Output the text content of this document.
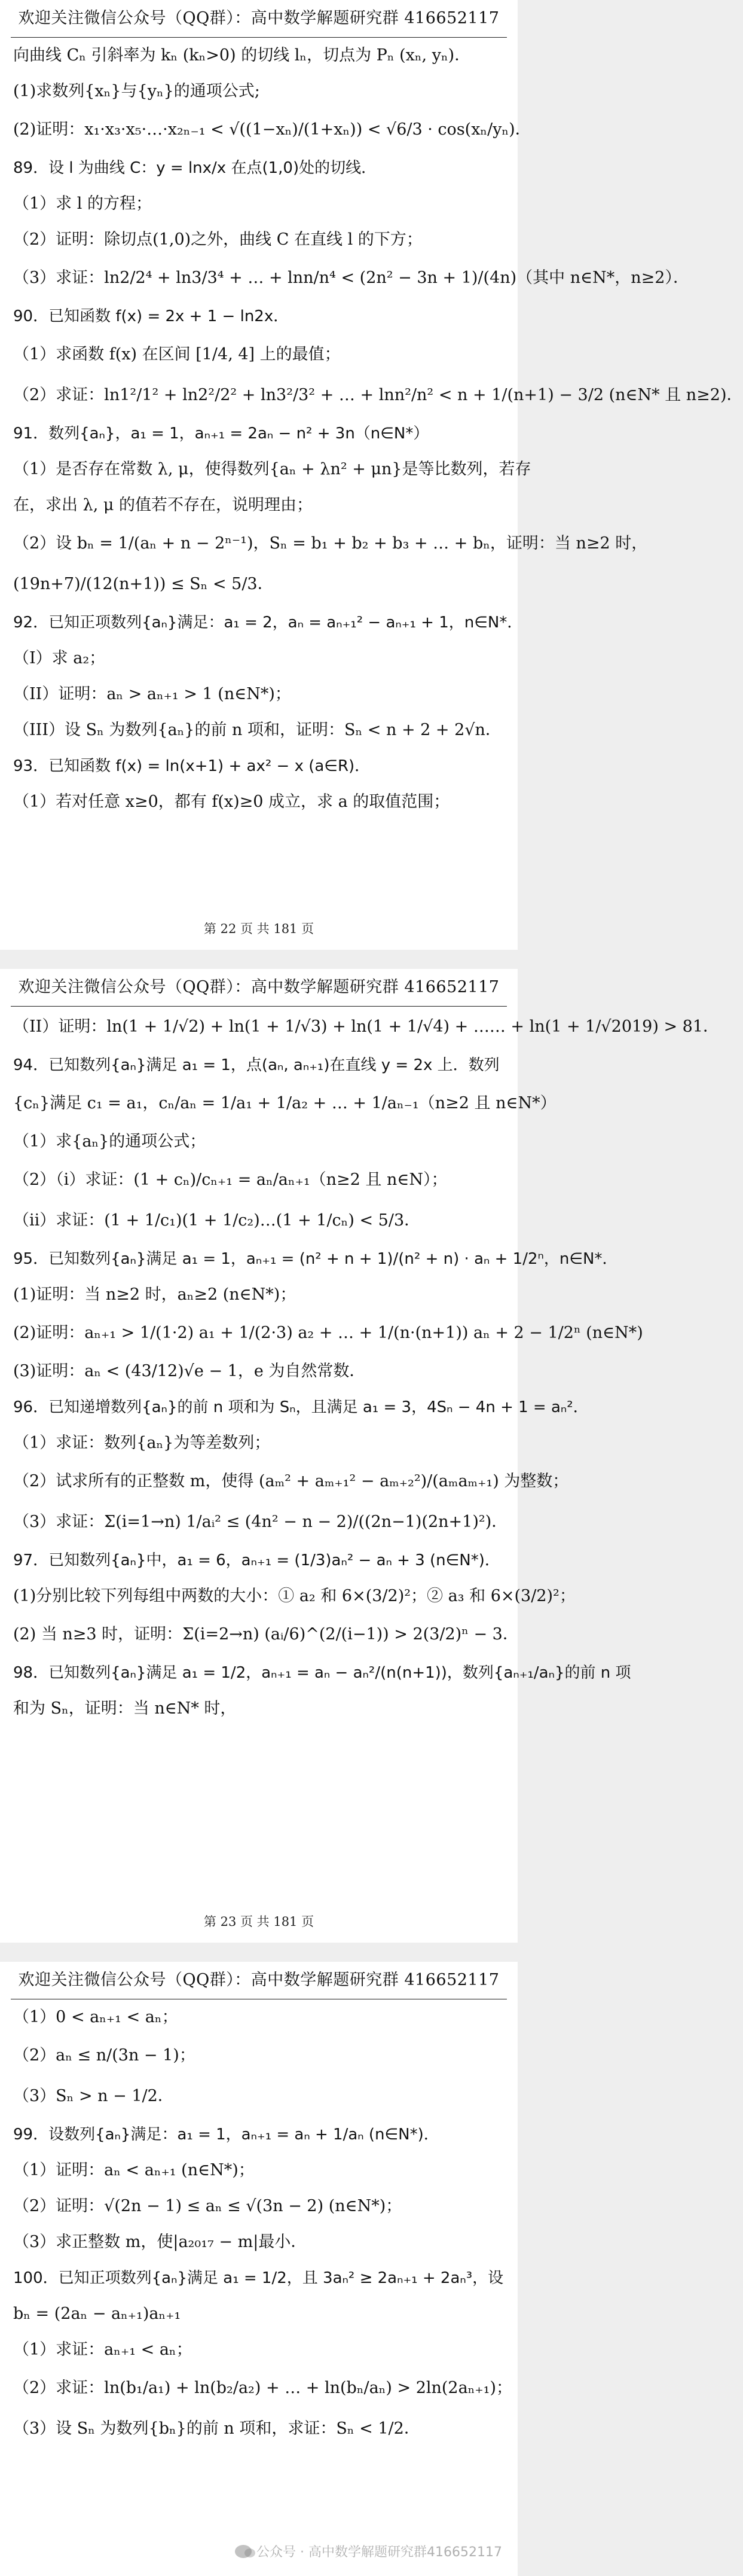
欢迎关注微信公众号（QQ群）：高中数学解题研究群 416652117
向曲线 Cₙ 引斜率为 kₙ (kₙ>0) 的切线 lₙ，切点为 Pₙ (xₙ, yₙ)．
(1)求数列{xₙ}与{yₙ}的通项公式;
(2)证明：x₁·x₃·x₅·…·x₂ₙ₋₁ < √((1−xₙ)/(1+xₙ)) < √6/3 · cos(xₙ/yₙ)．
89．设 l 为曲线 C：y = lnx/x 在点(1,0)处的切线．
（1）求 l 的方程；
（2）证明：除切点(1,0)之外，曲线 C 在直线 l 的下方；
（3）求证：ln2/2⁴ + ln3/3⁴ + … + lnn/n⁴ < (2n² − 3n + 1)/(4n)（其中 n∈N*，n≥2）．
90．已知函数 f(x) = 2x + 1 − ln2x．
（1）求函数 f(x) 在区间 [1/4, 4] 上的最值；
（2）求证：ln1²/1² + ln2²/2² + ln3²/3² + … + lnn²/n² < n + 1/(n+1) − 3/2 (n∈N* 且 n≥2)．
91．数列{aₙ}，a₁ = 1，aₙ₊₁ = 2aₙ − n² + 3n（n∈N*）
（1）是否存在常数 λ, μ，使得数列{aₙ + λn² + μn}是等比数列，若存
在，求出 λ, μ 的值若不存在，说明理由；
（2）设 bₙ = 1/(aₙ + n − 2ⁿ⁻¹)，Sₙ = b₁ + b₂ + b₃ + … + bₙ，证明：当 n≥2 时，
(19n+7)/(12(n+1)) ≤ Sₙ < 5/3．
92．已知正项数列{aₙ}满足：a₁ = 2，aₙ = aₙ₊₁² − aₙ₊₁ + 1，n∈N*．
（I）求 a₂；
（II）证明：aₙ > aₙ₊₁ > 1 (n∈N*)；
（III）设 Sₙ 为数列{aₙ}的前 n 项和，证明：Sₙ < n + 2 + 2√n．
93．已知函数 f(x) = ln(x+1) + ax² − x (a∈R)．
（1）若对任意 x≥0，都有 f(x)≥0 成立，求 a 的取值范围；
第 22 页 共 181 页
欢迎关注微信公众号（QQ群）：高中数学解题研究群 416652117
（II）证明：ln(1 + 1/√2) + ln(1 + 1/√3) + ln(1 + 1/√4) + …… + ln(1 + 1/√2019) > 81．
94．已知数列{aₙ}满足 a₁ = 1，点(aₙ, aₙ₊₁)在直线 y = 2x 上．数列
{cₙ}满足 c₁ = a₁，cₙ/aₙ = 1/a₁ + 1/a₂ + … + 1/aₙ₋₁（n≥2 且 n∈N*）
（1）求{aₙ}的通项公式；
（2）（i）求证：(1 + cₙ)/cₙ₊₁ = aₙ/aₙ₊₁（n≥2 且 n∈N）；
（ii）求证：(1 + 1/c₁)(1 + 1/c₂)…(1 + 1/cₙ) < 5/3．
95．已知数列{aₙ}满足 a₁ = 1，aₙ₊₁ = (n² + n + 1)/(n² + n) · aₙ + 1/2ⁿ，n∈N*．
(1)证明：当 n≥2 时，aₙ≥2 (n∈N*)；
(2)证明：aₙ₊₁ > 1/(1·2) a₁ + 1/(2·3) a₂ + … + 1/(n·(n+1)) aₙ + 2 − 1/2ⁿ (n∈N*)
(3)证明：aₙ < (43/12)√e − 1，e 为自然常数．
96．已知递增数列{aₙ}的前 n 项和为 Sₙ，且满足 a₁ = 3，4Sₙ − 4n + 1 = aₙ²．
（1）求证：数列{aₙ}为等差数列；
（2）试求所有的正整数 m，使得 (aₘ² + aₘ₊₁² − aₘ₊₂²)/(aₘaₘ₊₁) 为整数；
（3）求证：Σ(i=1→n) 1/aᵢ² ≤ (4n² − n − 2)/((2n−1)(2n+1)²)．
97．已知数列{aₙ}中，a₁ = 6，aₙ₊₁ = (1/3)aₙ² − aₙ + 3 (n∈N*)．
(1)分别比较下列每组中两数的大小：① a₂ 和 6×(3/2)²；② a₃ 和 6×(3/2)²；
(2) 当 n≥3 时，证明：Σ(i=2→n) (aᵢ/6)^(2/(i−1)) > 2(3/2)ⁿ − 3．
98．已知数列{aₙ}满足 a₁ = 1/2，aₙ₊₁ = aₙ − aₙ²/(n(n+1))，数列{aₙ₊₁/aₙ}的前 n 项
和为 Sₙ，证明：当 n∈N* 时，
第 23 页 共 181 页
欢迎关注微信公众号（QQ群）：高中数学解题研究群 416652117
（1）0 < aₙ₊₁ < aₙ；
（2）aₙ ≤ n/(3n − 1)；
（3）Sₙ > n − 1/2．
99．设数列{aₙ}满足：a₁ = 1，aₙ₊₁ = aₙ + 1/aₙ (n∈N*)．
（1）证明：aₙ < aₙ₊₁ (n∈N*)；
（2）证明：√(2n − 1) ≤ aₙ ≤ √(3n − 2) (n∈N*)；
（3）求正整数 m，使|a₂₀₁₇ − m|最小．
100．已知正项数列{aₙ}满足 a₁ = 1/2，且 3aₙ² ≥ 2aₙ₊₁ + 2aₙ³，设
bₙ = (2aₙ − aₙ₊₁)aₙ₊₁
（1）求证：aₙ₊₁ < aₙ；
（2）求证：ln(b₁/a₁) + ln(b₂/a₂) + … + ln(bₙ/aₙ) > 2ln(2aₙ₊₁)；
（3）设 Sₙ 为数列{bₙ}的前 n 项和，求证：Sₙ < 1/2．
公众号 · 高中数学解题研究群416652117
